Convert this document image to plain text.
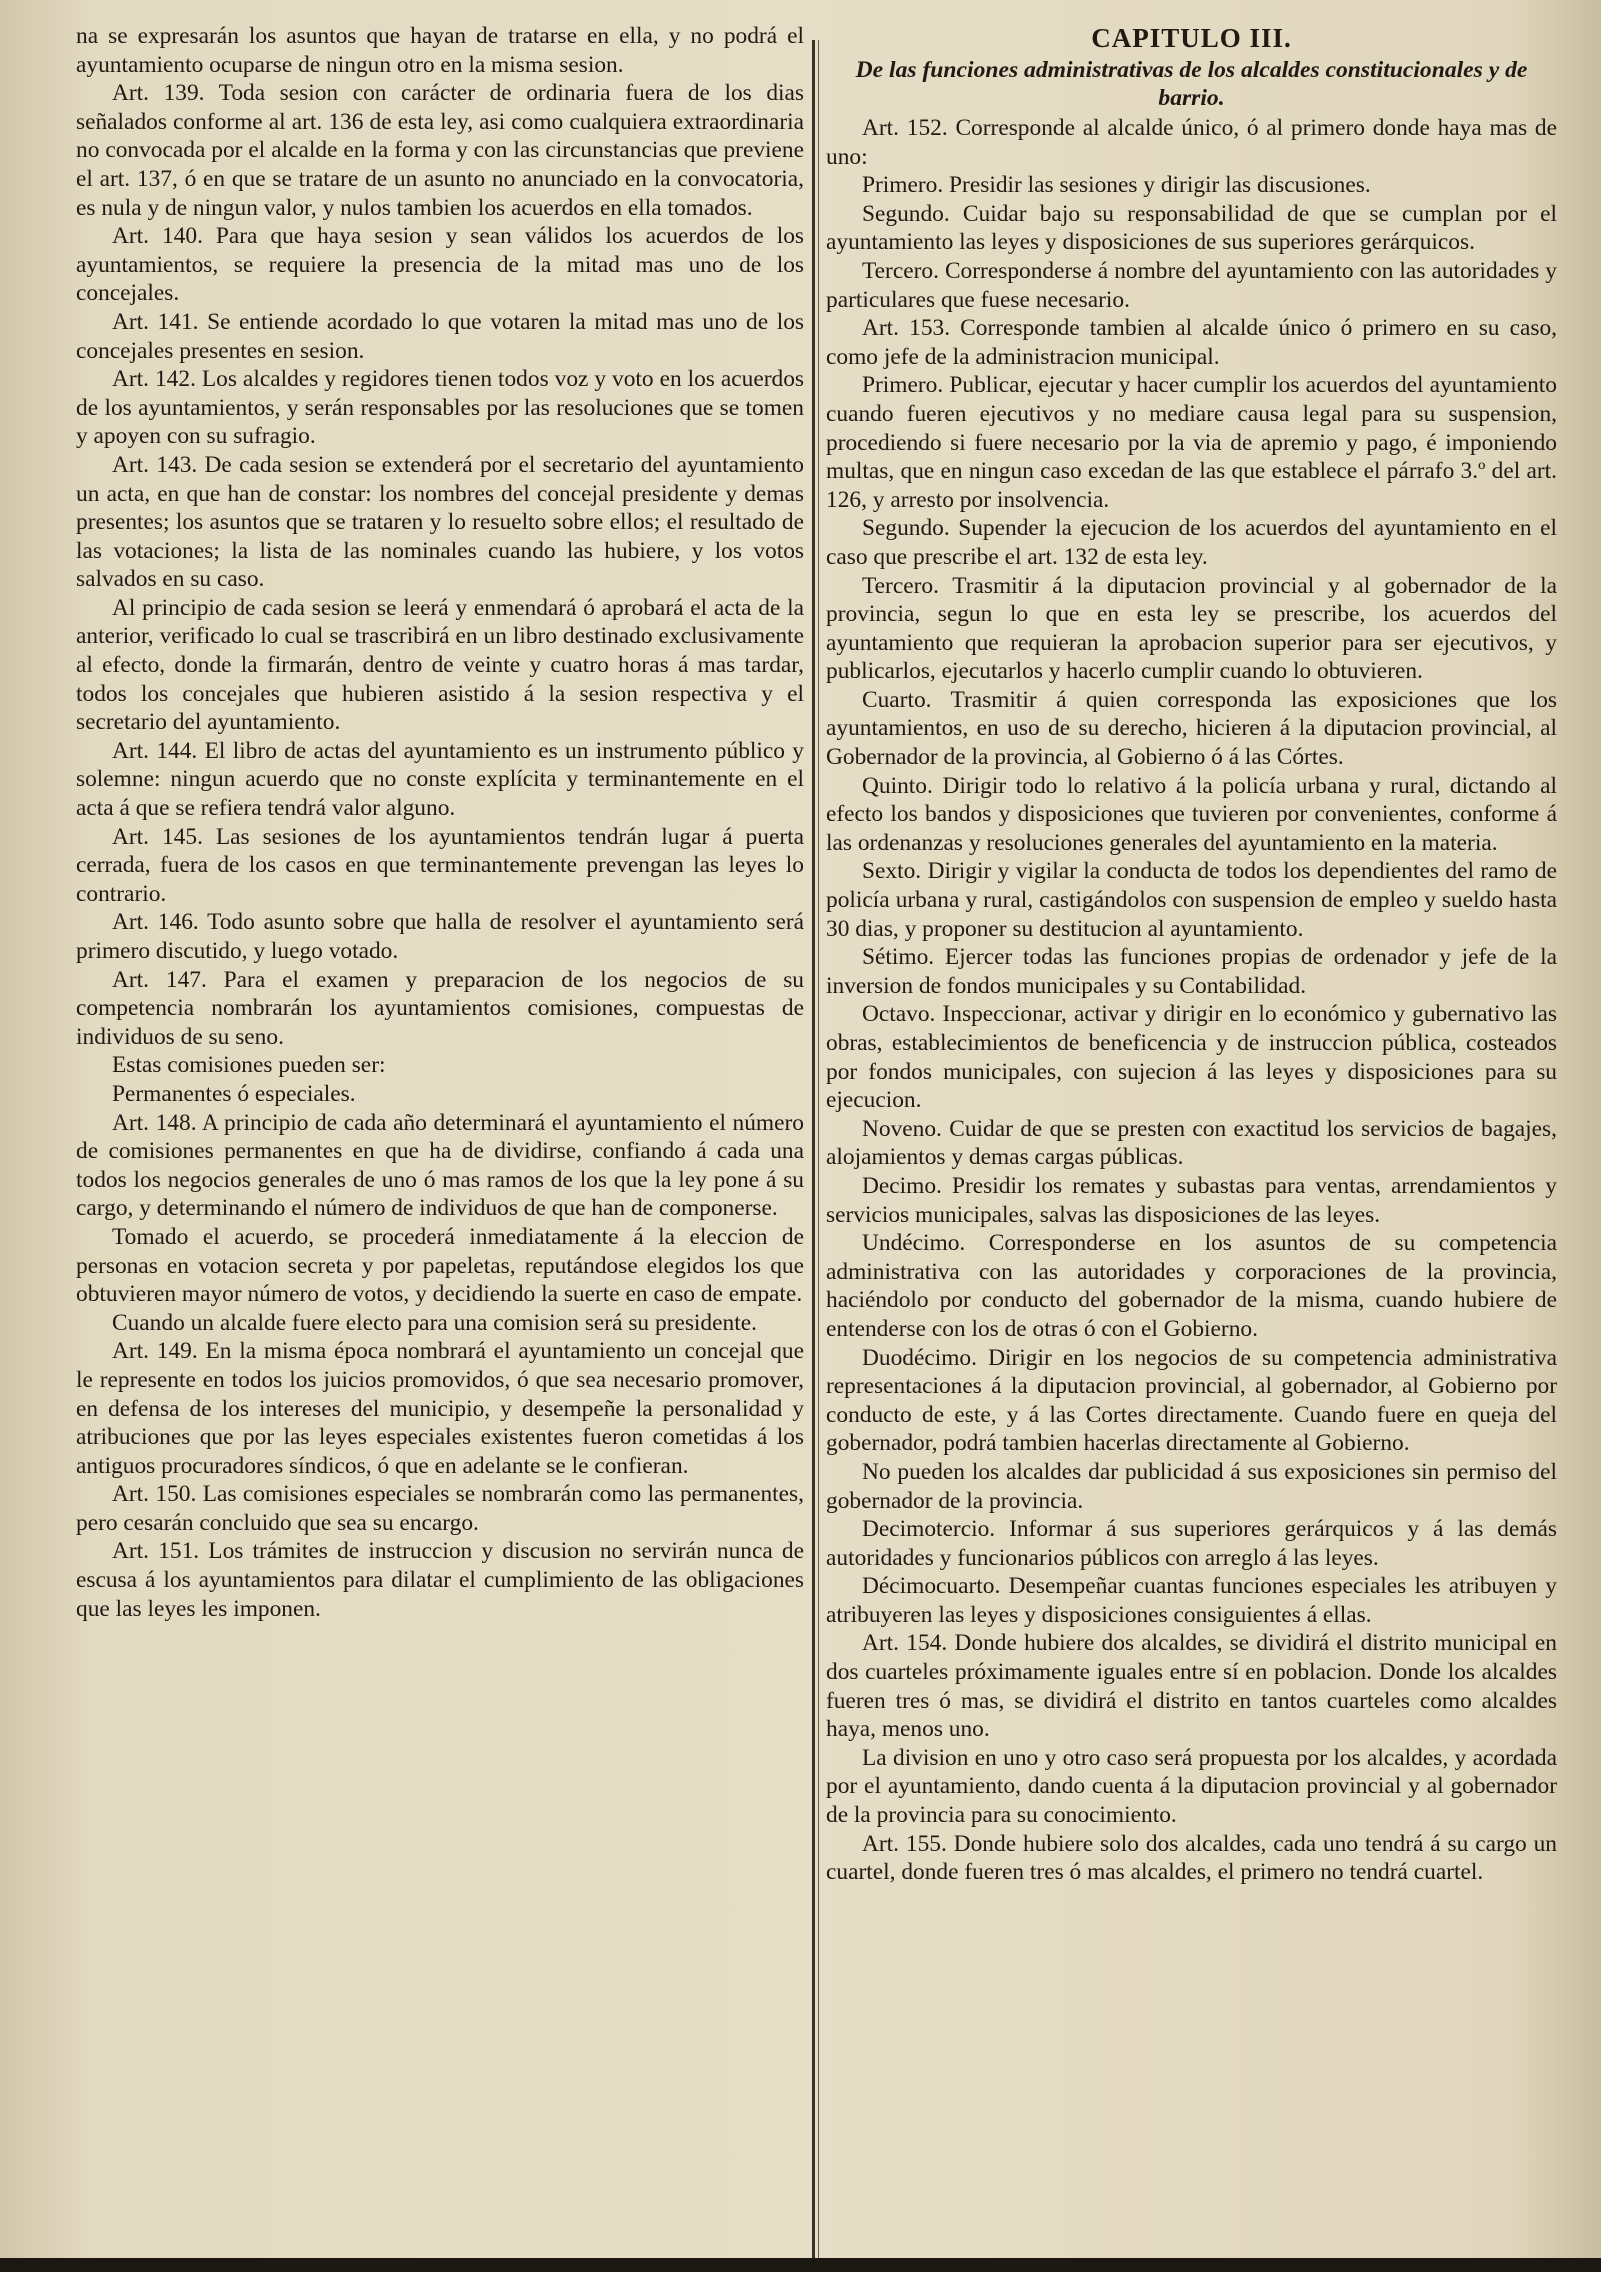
na se expresarán los asuntos que hayan de tratarse en ella, y no podrá el ayuntamiento ocuparse de ningun otro en la misma sesion.

Art. 139. Toda sesion con carácter de ordinaria fuera de los dias señalados conforme al art. 136 de esta ley, asi como cualquiera extraordinaria no convocada por el alcalde en la forma y con las circunstancias que previene el art. 137, ó en que se tratare de un asunto no anunciado en la convocatoria, es nula y de ningun valor, y nulos tambien los acuerdos en ella tomados.

Art. 140. Para que haya sesion y sean válidos los acuerdos de los ayuntamientos, se requiere la presencia de la mitad mas uno de los concejales.

Art. 141. Se entiende acordado lo que votaren la mitad mas uno de los concejales presentes en sesion.

Art. 142. Los alcaldes y regidores tienen todos voz y voto en los acuerdos de los ayuntamientos, y serán responsables por las resoluciones que se tomen y apoyen con su sufragio.

Art. 143. De cada sesion se extenderá por el secretario del ayuntamiento un acta, en que han de constar: los nombres del concejal presidente y demas presentes; los asuntos que se trataren y lo resuelto sobre ellos; el resultado de las votaciones; la lista de las nominales cuando las hubiere, y los votos salvados en su caso.

Al principio de cada sesion se leerá y enmendará ó aprobará el acta de la anterior, verificado lo cual se trascribirá en un libro destinado exclusivamente al efecto, donde la firmarán, dentro de veinte y cuatro horas á mas tardar, todos los concejales que hubieren asistido á la sesion respectiva y el secretario del ayuntamiento.

Art. 144. El libro de actas del ayuntamiento es un instrumento público y solemne: ningun acuerdo que no conste explícita y terminantemente en el acta á que se refiera tendrá valor alguno.

Art. 145. Las sesiones de los ayuntamientos tendrán lugar á puerta cerrada, fuera de los casos en que terminantemente prevengan las leyes lo contrario.

Art. 146. Todo asunto sobre que halla de resolver el ayuntamiento será primero discutido, y luego votado.

Art. 147. Para el examen y preparacion de los negocios de su competencia nombrarán los ayuntamientos comisiones, compuestas de individuos de su seno.

Estas comisiones pueden ser:

Permanentes ó especiales.

Art. 148. A principio de cada año determinará el ayuntamiento el número de comisiones permanentes en que ha de dividirse, confiando á cada una todos los negocios generales de uno ó mas ramos de los que la ley pone á su cargo, y determinando el número de individuos de que han de componerse.

Tomado el acuerdo, se procederá inmediatamente á la eleccion de personas en votacion secreta y por papeletas, reputándose elegidos los que obtuvieren mayor número de votos, y decidiendo la suerte en caso de empate.

Cuando un alcalde fuere electo para una comision será su presidente.

Art. 149. En la misma época nombrará el ayuntamiento un concejal que le represente en todos los juicios promovidos, ó que sea necesario promover, en defensa de los intereses del municipio, y desempeñe la personalidad y atribuciones que por las leyes especiales existentes fueron cometidas á los antiguos procuradores síndicos, ó que en adelante se le confieran.

Art. 150. Las comisiones especiales se nombrarán como las permanentes, pero cesarán concluido que sea su encargo.

Art. 151. Los trámites de instruccion y discusion no servirán nunca de escusa á los ayuntamientos para dilatar el cumplimiento de las obligaciones que las leyes les imponen.

CAPITULO III.

De las funciones administrativas de los alcaldes constitucionales y de barrio.

Art. 152. Corresponde al alcalde único, ó al primero donde haya mas de uno:

Primero. Presidir las sesiones y dirigir las discusiones.

Segundo. Cuidar bajo su responsabilidad de que se cumplan por el ayuntamiento las leyes y disposiciones de sus superiores gerárquicos.

Tercero. Corresponderse á nombre del ayuntamiento con las autoridades y particulares que fuese necesario.

Art. 153. Corresponde tambien al alcalde único ó primero en su caso, como jefe de la administracion municipal.

Primero. Publicar, ejecutar y hacer cumplir los acuerdos del ayuntamiento cuando fueren ejecutivos y no mediare causa legal para su suspension, procediendo si fuere necesario por la via de apremio y pago, é imponiendo multas, que en ningun caso excedan de las que establece el párrafo 3.º del art. 126, y arresto por insolvencia.

Segundo. Supender la ejecucion de los acuerdos del ayuntamiento en el caso que prescribe el art. 132 de esta ley.

Tercero. Trasmitir á la diputacion provincial y al gobernador de la provincia, segun lo que en esta ley se prescribe, los acuerdos del ayuntamiento que requieran la aprobacion superior para ser ejecutivos, y publicarlos, ejecutarlos y hacerlo cumplir cuando lo obtuvieren.

Cuarto. Trasmitir á quien corresponda las exposiciones que los ayuntamientos, en uso de su derecho, hicieren á la diputacion provincial, al Gobernador de la provincia, al Gobierno ó á las Córtes.

Quinto. Dirigir todo lo relativo á la policía urbana y rural, dictando al efecto los bandos y disposiciones que tuvieren por convenientes, conforme á las ordenanzas y resoluciones generales del ayuntamiento en la materia.

Sexto. Dirigir y vigilar la conducta de todos los dependientes del ramo de policía urbana y rural, castigándolos con suspension de empleo y sueldo hasta 30 dias, y proponer su destitucion al ayuntamiento.

Sétimo. Ejercer todas las funciones propias de ordenador y jefe de la inversion de fondos municipales y su Contabilidad.

Octavo. Inspeccionar, activar y dirigir en lo económico y gubernativo las obras, establecimientos de beneficencia y de instruccion pública, costeados por fondos municipales, con sujecion á las leyes y disposiciones para su ejecucion.

Noveno. Cuidar de que se presten con exactitud los servicios de bagajes, alojamientos y demas cargas públicas.

Decimo. Presidir los remates y subastas para ventas, arrendamientos y servicios municipales, salvas las disposiciones de las leyes.

Undécimo. Corresponderse en los asuntos de su competencia administrativa con las autoridades y corporaciones de la provincia, haciéndolo por conducto del gobernador de la misma, cuando hubiere de entenderse con los de otras ó con el Gobierno.

Duodécimo. Dirigir en los negocios de su competencia administrativa representaciones á la diputacion provincial, al gobernador, al Gobierno por conducto de este, y á las Cortes directamente. Cuando fuere en queja del gobernador, podrá tambien hacerlas directamente al Gobierno.

No pueden los alcaldes dar publicidad á sus exposiciones sin permiso del gobernador de la provincia.

Decimotercio. Informar á sus superiores gerárquicos y á las demás autoridades y funcionarios públicos con arreglo á las leyes.

Décimocuarto. Desempeñar cuantas funciones especiales les atribuyen y atribuyeren las leyes y disposiciones consiguientes á ellas.

Art. 154. Donde hubiere dos alcaldes, se dividirá el distrito municipal en dos cuarteles próximamente iguales entre sí en poblacion. Donde los alcaldes fueren tres ó mas, se dividirá el distrito en tantos cuarteles como alcaldes haya, menos uno.

La division en uno y otro caso será propuesta por los alcaldes, y acordada por el ayuntamiento, dando cuenta á la diputacion provincial y al gobernador de la provincia para su conocimiento.

Art. 155. Donde hubiere solo dos alcaldes, cada uno tendrá á su cargo un cuartel, donde fueren tres ó mas alcaldes, el primero no tendrá cuartel.
